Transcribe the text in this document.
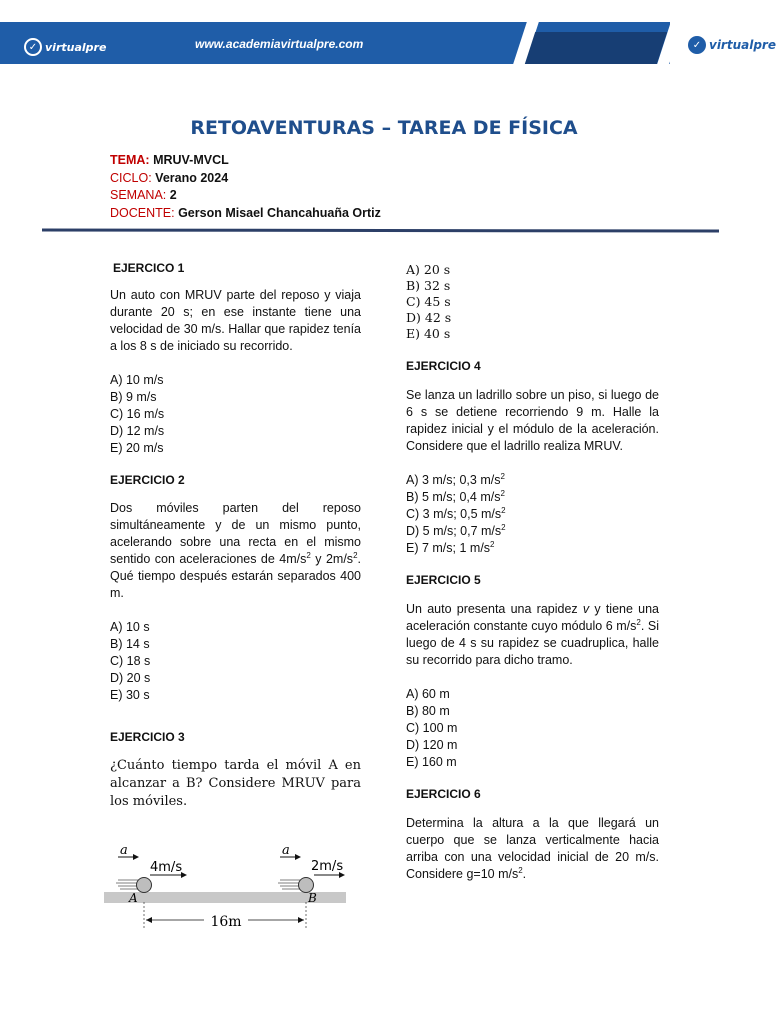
✓ virtualpre	www.academiavirtualpre.com	✓ virtualpre
RETOAVENTURAS – TAREA DE FÍSICA
TEMA: MRUV-MVCL
CICLO: Verano 2024
SEMANA: 2
DOCENTE: Gerson Misael Chancahuaña Ortiz

EJERCICO 1

Un auto con MRUV parte del reposo y viaja durante 20 s; en ese instante tiene una velocidad de 30 m/s. Hallar que rapidez tenía a los 8 s de iniciado su recorrido.

A) 10 m/s
B) 9 m/s
C) 16 m/s
D) 12 m/s
E) 20 m/s

EJERCICIO 2

Dos móviles parten del reposo simultáneamente y de un mismo punto, acelerando sobre una recta en el mismo sentido con aceleraciones de $4m/s^2$ y $2m/s^2$. Qué tiempo después estarán separados 400 m.

A) 10 s
B) 14 s
C) 18 s
D) 20 s
E) 30 s

EJERCICIO 3

¿Cuánto tiempo tarda el móvil A en alcanzar a B? Considere MRUV para los móviles.

a	a
4m/s	2m/s
A	B
16m
A) 20 s
B) 32 s
C) 45 s
D) 42 s
E) 40 s

EJERCICIO 4

Se lanza un ladrillo sobre un piso, si luego de 6 s se detiene recorriendo 9 m. Halle la rapidez inicial y el módulo de la aceleración. Considere que el ladrillo realiza MRUV.

A) 3 m/s; 0,3 $m/s^2$
B) 5 m/s; 0,4 $m/s^2$
C) 3 m/s; 0,5 $m/s^2$
D) 5 m/s; 0,7 $m/s^2$
E) 7 m/s; 1 $m/s^2$

EJERCICIO 5

Un auto presenta una rapidez v y tiene una aceleración constante cuyo módulo 6 $m/s^2$. Si luego de 4 s su rapidez se cuadruplica, halle su recorrido para dicho tramo.

A) 60 m
B) 80 m
C) 100 m
D) 120 m
E) 160 m

EJERCICIO 6

Determina la altura a la que llegará un cuerpo que se lanza verticalmente hacia arriba con una velocidad inicial de 20 m/s. Considere g=10 $m/s^2$.
